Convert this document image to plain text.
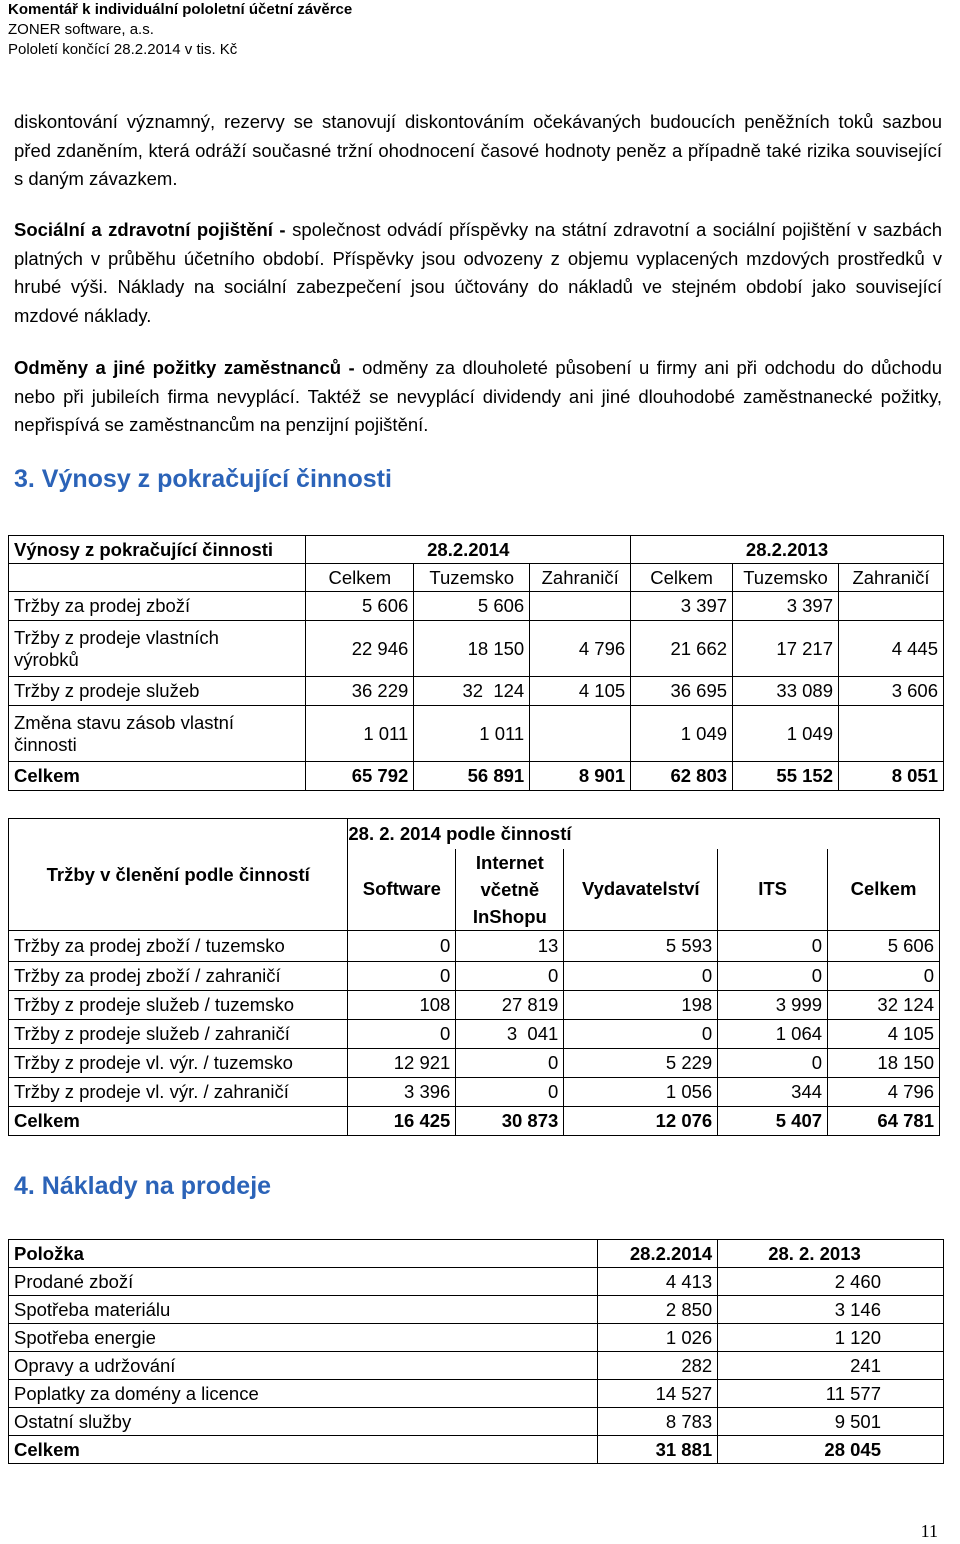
Komentář k individuální pololetní účetní závěrce
ZONER software, a.s.
Pololetí končící 28.2.2014 v tis. Kč
diskontování významný, rezervy se stanovují diskontováním očekávaných budoucích peněžních toků sazbou před zdaněním, která odráží současné tržní ohodnocení časové hodnoty peněz a případně také rizika související s daným závazkem.
Sociální a zdravotní pojištění - společnost odvádí příspěvky na státní zdravotní a sociální pojištění v sazbách platných v průběhu účetního období. Příspěvky jsou odvozeny z objemu vyplacených mzdových prostředků v hrubé výši. Náklady na sociální zabezpečení jsou účtovány do nákladů ve stejném období jako související mzdové náklady.
Odměny a jiné požitky zaměstnanců - odměny za dlouholeté působení u firmy ani při odchodu do důchodu nebo při jubileích firma nevyplácí. Taktéž se nevyplácí dividendy ani jiné dlouhodobé zaměstnanecké požitky, nepřispívá se zaměstnancům na penzijní pojištění.
3. Výnosy z pokračující činnosti
Výnosy z pokračující činnosti	28.2.2014			28.2.2013		
	Celkem	Tuzemsko	Zahraničí	Celkem	Tuzemsko	Zahraničí
Tržby za prodej zboží	5 606	5 606		3 397	3 397	
Tržby z prodeje vlastních výrobků	22 946	18 150	4 796	21 662	17 217	4 445
Tržby z prodeje služeb	36 229	32  124	4 105	36 695	33 089	3 606
Změna stavu zásob vlastní činnosti	1 011	1 011		1 049	1 049	
Celkem	65 792	56 891	8 901	62 803	55 152	8 051
Tržby v členění podle činností	28. 2. 2014 podle činností				
	Software	Internet včetně InShopu	Vydavatelství	ITS	Celkem
Tržby za prodej zboží / tuzemsko	0	13	5 593	0	5 606
Tržby za prodej zboží / zahraničí	0	0	0	0	0
Tržby z prodeje služeb / tuzemsko	108	27 819	198	3 999	32 124
Tržby z prodeje služeb / zahraničí	0	3  041	0	1 064	4 105
Tržby z prodeje vl. výr. / tuzemsko	12 921	0	5 229	0	18 150
Tržby z prodeje vl. výr. / zahraničí	3 396	0	1 056	344	4 796
Celkem	16 425	30 873	12 076	5 407	64 781
4. Náklady na prodeje
Položka	28.2.2014	28. 2. 2013
Prodané zboží	4 413	2 460
Spotřeba materiálu	2 850	3 146
Spotřeba energie	1 026	1 120
Opravy a udržování	282	241
Poplatky za domény a licence	14 527	11 577
Ostatní služby	8 783	9 501
Celkem	31 881	28 045
11
